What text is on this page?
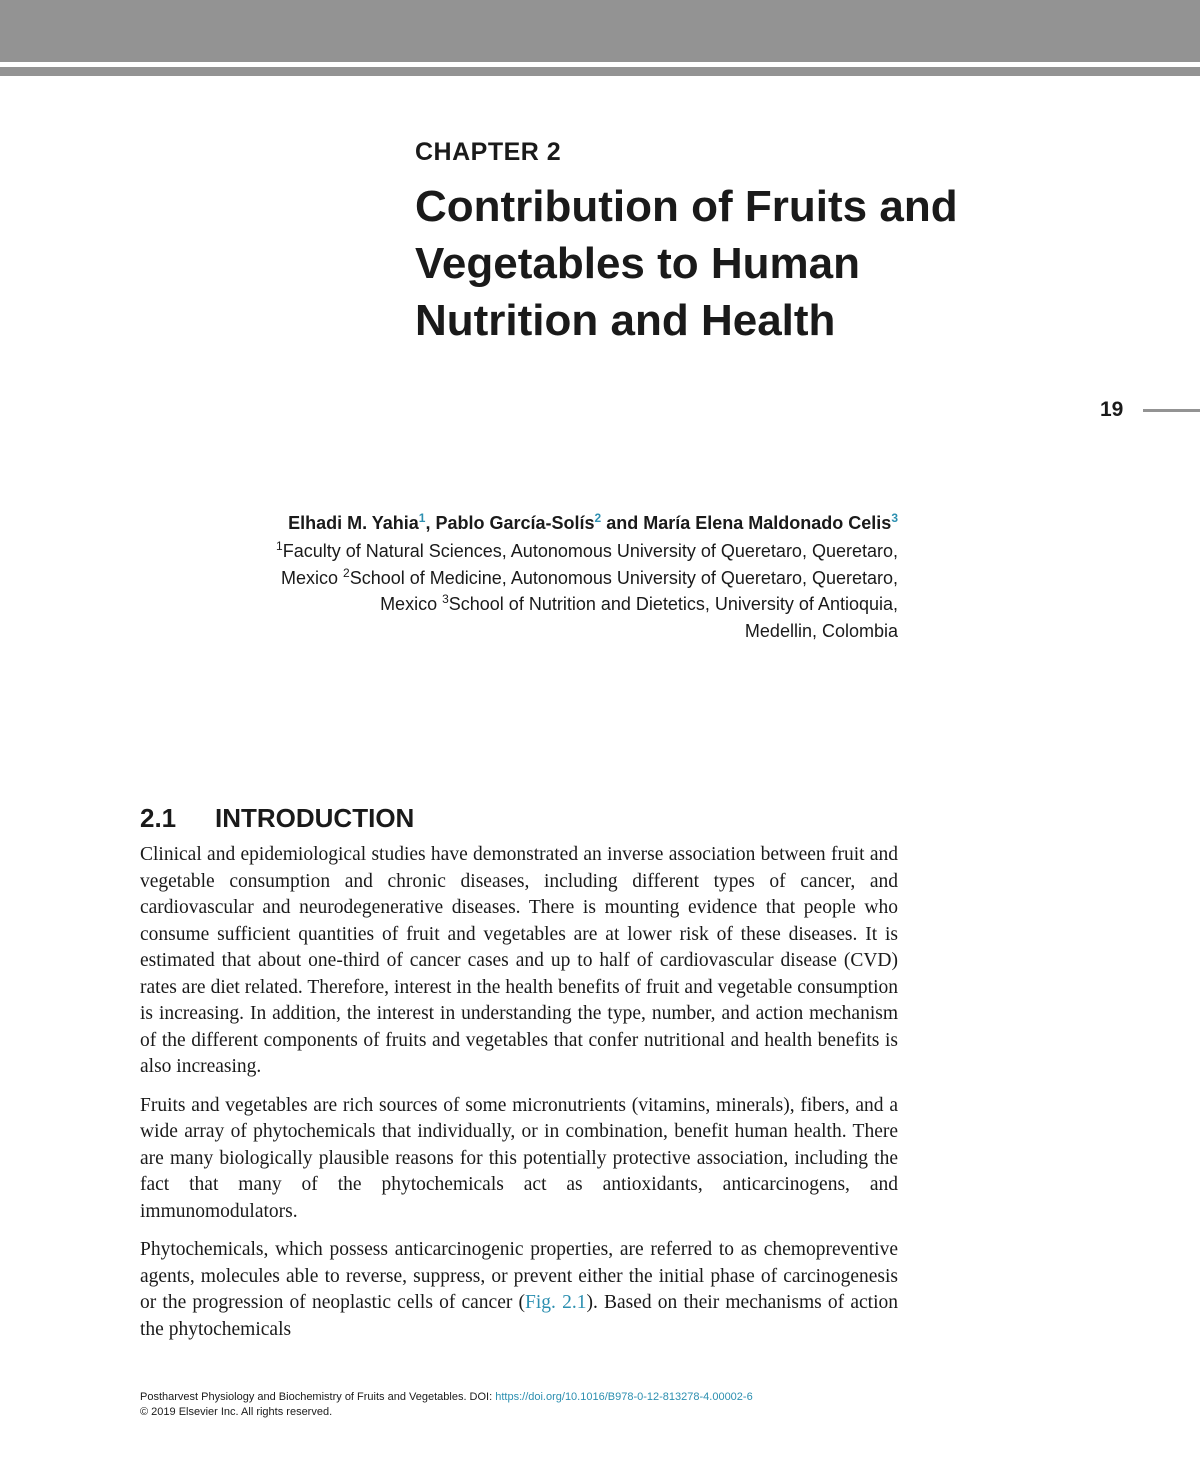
CHAPTER 2
Contribution of Fruits and
Vegetables to Human
Nutrition and Health
19
Elhadi M. Yahia$^1$, Pablo García-Solís$^2$ and María Elena Maldonado Celis$^3$
$^1$Faculty of Natural Sciences, Autonomous University of Queretaro, Queretaro,
Mexico $^2$School of Medicine, Autonomous University of Queretaro, Queretaro,
Mexico $^3$School of Nutrition and Dietetics, University of Antioquia,
Medellin, Colombia
2.1 INTRODUCTION

Clinical and epidemiological studies have demonstrated an inverse association between fruit and vegetable consumption and chronic diseases, including different types of cancer, and cardiovascular and neurodegenerative diseases. There is mounting evidence that people who consume sufficient quantities of fruit and vegetables are at lower risk of these diseases. It is estimated that about one-third of cancer cases and up to half of cardiovascular disease (CVD) rates are diet related. Therefore, interest in the health benefits of fruit and vegetable consumption is increasing. In addition, the interest in understanding the type, number, and action mechanism of the different components of fruits and vegetables that confer nutritional and health benefits is also increasing.

Fruits and vegetables are rich sources of some micronutrients (vitamins, minerals), fibers, and a wide array of phytochemicals that individually, or in combination, benefit human health. There are many biologically plausible reasons for this potentially protective association, including the fact that many of the phytochemicals act as antioxidants, anticarcinogens, and immunomodulators.

Phytochemicals, which possess anticarcinogenic properties, are referred to as chemopreventive agents, molecules able to reverse, suppress, or prevent either the initial phase of carcinogenesis or the progression of neoplastic cells of cancer (Fig. 2.1). Based on their mechanisms of action the phytochemicals

Postharvest Physiology and Biochemistry of Fruits and Vegetables. DOI: https://doi.org/10.1016/B978-0-12-813278-4.00002-6
© 2019 Elsevier Inc. All rights reserved.
